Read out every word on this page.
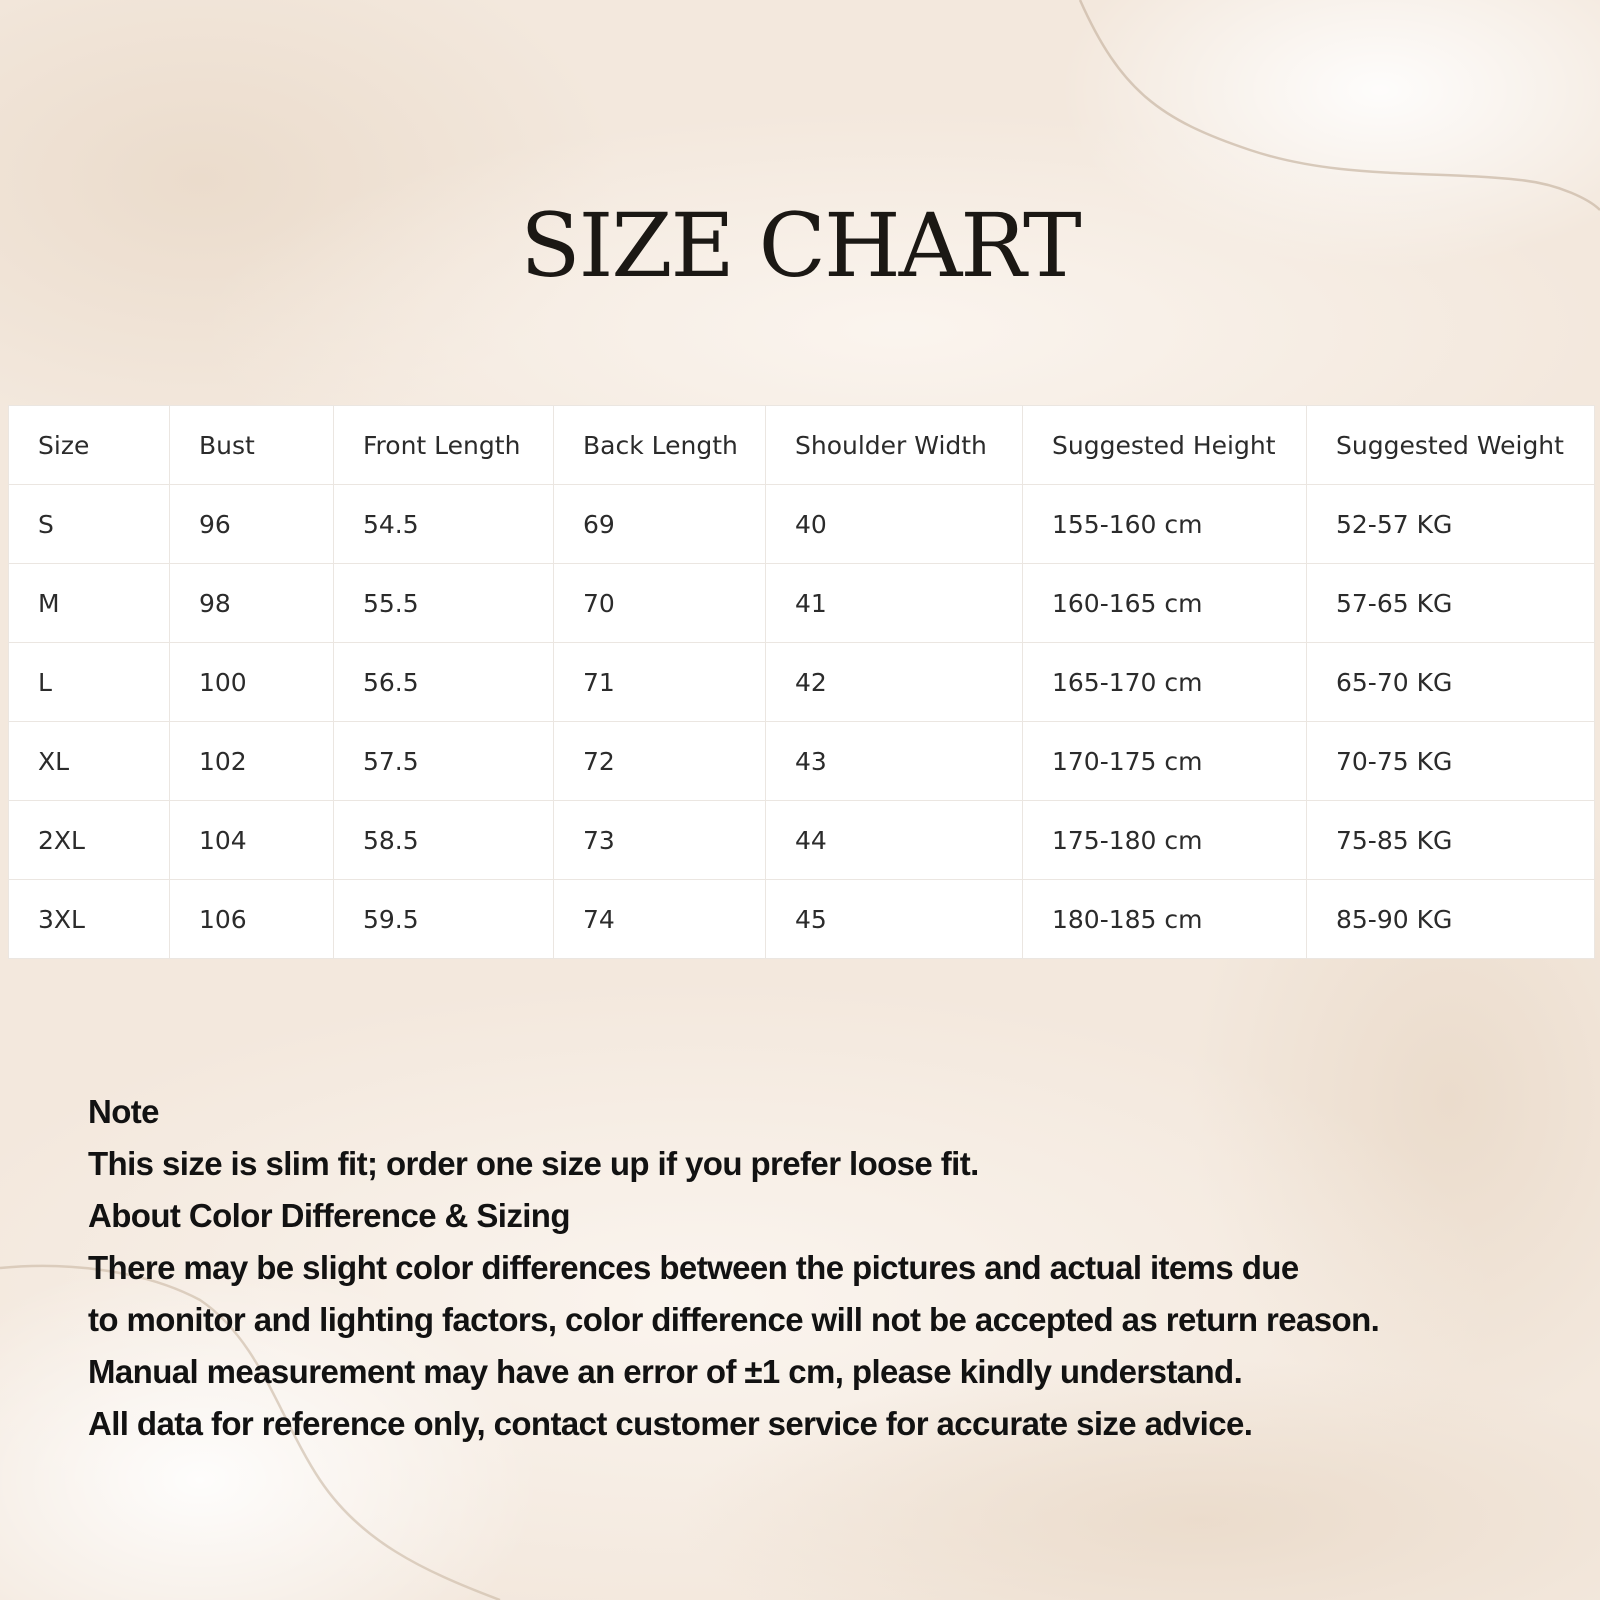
SIZE CHART
Size	Bust	Front Length	Back Length	Shoulder Width	Suggested Height	Suggested Weight
S	96	54.5	69	40	155-160 cm	52-57 KG
M	98	55.5	70	41	160-165 cm	57-65 KG
L	100	56.5	71	42	165-170 cm	65-70 KG
XL	102	57.5	72	43	170-175 cm	70-75 KG
2XL	104	58.5	73	44	175-180 cm	75-85 KG
3XL	106	59.5	74	45	180-185 cm	85-90 KG
Note
This size is slim fit; order one size up if you prefer loose fit.
About Color Difference & Sizing
There may be slight color differences between the pictures and actual items due
to monitor and lighting factors, color difference will not be accepted as return reason.
Manual measurement may have an error of ±1 cm, please kindly understand.
All data for reference only, contact customer service for accurate size advice.
